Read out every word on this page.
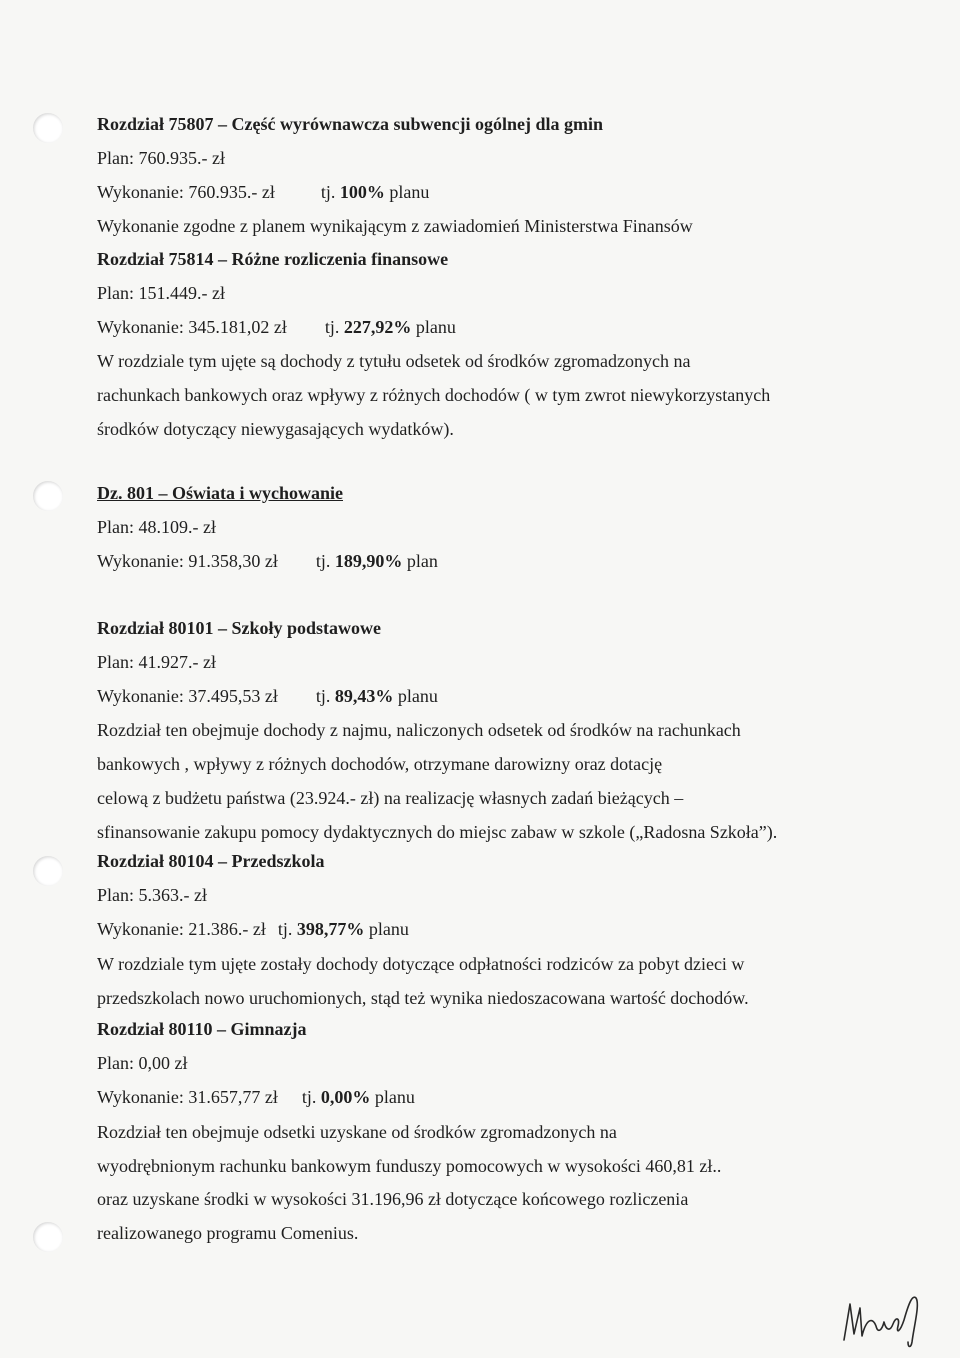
Rozdział 75807 – Część wyrównawcza subwencji ogólnej dla gmin
Plan: 760.935.- zł
Wykonanie: 760.935.- zł	tj. 100% planu
Wykonanie zgodne z planem wynikającym z zawiadomień Ministerstwa Finansów
Rozdział 75814 – Różne rozliczenia finansowe
Plan: 151.449.- zł
Wykonanie: 345.181,02 zł tj. 227,92% planu
W rozdziale tym ujęte są dochody z tytułu odsetek od środków zgromadzonych na
rachunkach bankowych oraz wpływy z różnych dochodów ( w tym zwrot niewykorzystanych
środków dotyczący niewygasających wydatków).
Dz. 801 – Oświata i wychowanie
Plan: 48.109.- zł
Wykonanie: 91.358,30 zł tj. 189,90% plan
Rozdział 80101 – Szkoły podstawowe
Plan: 41.927.- zł
Wykonanie: 37.495,53 zł tj. 89,43% planu
Rozdział ten obejmuje dochody z najmu, naliczonych odsetek od środków na rachunkach
bankowych , wpływy z różnych dochodów, otrzymane darowizny oraz dotację
celową z budżetu państwa (23.924.- zł) na realizację własnych zadań bieżących –
sfinansowanie zakupu pomocy dydaktycznych do miejsc zabaw w szkole („Radosna Szkoła”).
Rozdział 80104 – Przedszkola
Plan: 5.363.- zł
Wykonanie: 21.386.- zł tj. 398,77% planu
W rozdziale tym ujęte zostały dochody dotyczące odpłatności rodziców za pobyt dzieci w
przedszkolach nowo uruchomionych, stąd też wynika niedoszacowana wartość dochodów.
Rozdział 80110 – Gimnazja
Plan: 0,00 zł
Wykonanie: 31.657,77 zł tj. 0,00% planu
Rozdział ten obejmuje odsetki uzyskane od środków zgromadzonych na
wyodrębnionym rachunku bankowym funduszy pomocowych w wysokości 460,81 zł..
oraz uzyskane środki w wysokości 31.196,96 zł dotyczące końcowego rozliczenia
realizowanego programu Comenius.
